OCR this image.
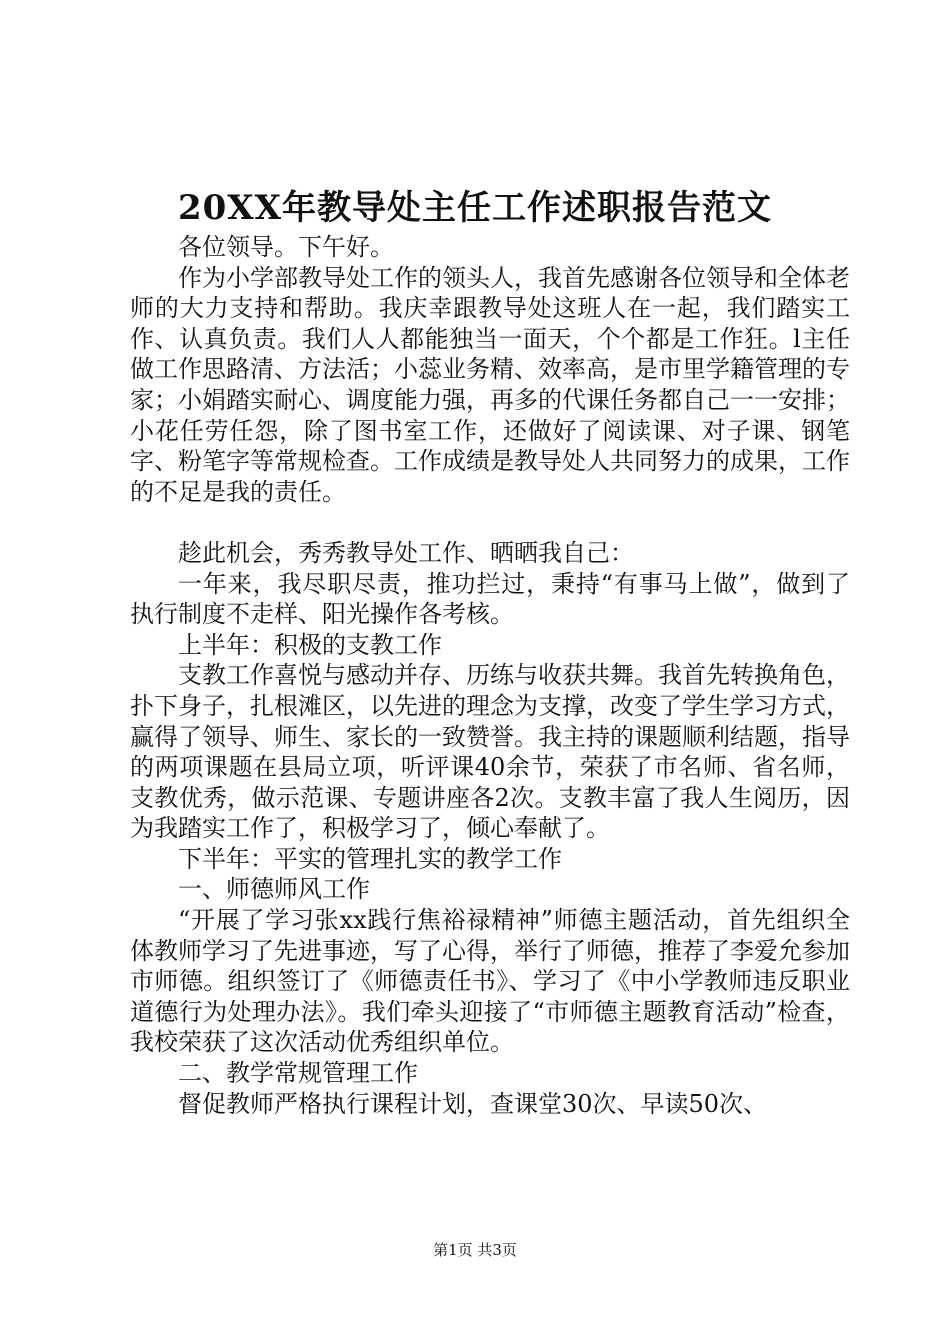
20XX年教导处主任工作述职报告范文

各位领导。下午好。

作为小学部教导处工作的领头人，我首先感谢各位领导和全体老师的大力支持和帮助。我庆幸跟教导处这班人在一起，我们踏实工作、认真负责。我们人人都能独当一面天，个个都是工作狂。l主任做工作思路清、方法活；小蕊业务精、效率高，是市里学籍管理的专家；小娟踏实耐心、调度能力强，再多的代课任务都自己一一安排；小花任劳任怨，除了图书室工作，还做好了阅读课、对子课、钢笔字、粉笔字等常规检查。工作成绩是教导处人共同努力的成果，工作的不足是我的责任。

趁此机会，秀秀教导处工作、晒晒我自己：

一年来，我尽职尽责，推功拦过，秉持“有事马上做”，做到了执行制度不走样、阳光操作各考核。

上半年：积极的支教工作

支教工作喜悦与感动并存、历练与收获共舞。我首先转换角色，扑下身子，扎根滩区，以先进的理念为支撑，改变了学生学习方式，赢得了领导、师生、家长的一致赞誉。我主持的课题顺利结题，指导的两项课题在县局立项，听评课40余节，荣获了市名师、省名师，支教优秀，做示范课、专题讲座各2次。支教丰富了我人生阅历，因为我踏实工作了，积极学习了，倾心奉献了。

下半年：平实的管理扎实的教学工作

一、师德师风工作

“开展了学习张xx践行焦裕禄精神”师德主题活动，首先组织全体教师学习了先进事迹，写了心得，举行了师德，推荐了李爱允参加市师德。组织签订了《师德责任书》、学习了《中小学教师违反职业道德行为处理办法》。我们牵头迎接了“市师德主题教育活动”检查，我校荣获了这次活动优秀组织单位。

二、教学常规管理工作

督促教师严格执行课程计划，查课堂30次、早读50次、

第1页 共3页
